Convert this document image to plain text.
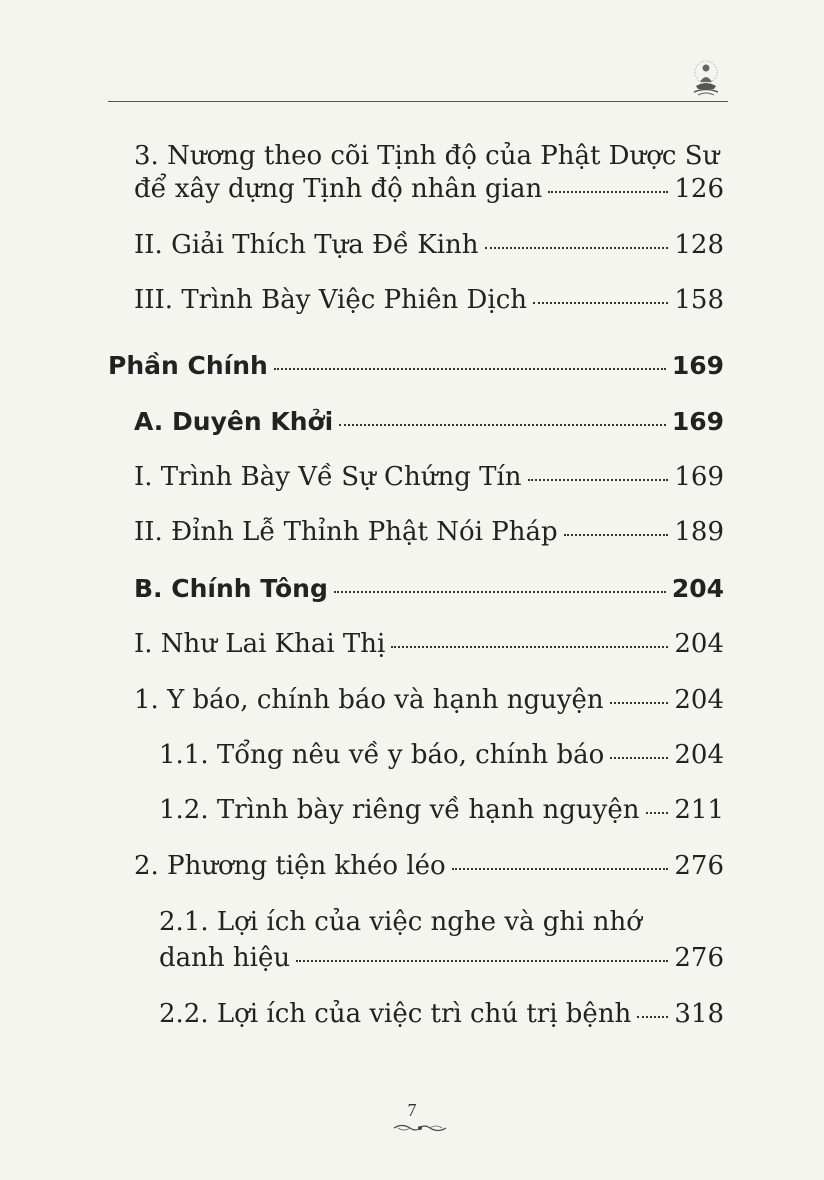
3. Nương theo cõi Tịnh độ của Phật Dược Sư
để xây dựng Tịnh độ nhân gian	126
II. Giải Thích Tựa Đề Kinh	128
III. Trình Bày Việc Phiên Dịch	158
Phần Chính	169
A. Duyên Khởi	169
I. Trình Bày Về Sự Chứng Tín	169
II. Đỉnh Lễ Thỉnh Phật Nói Pháp	189
B. Chính Tông	204
I. Như Lai Khai Thị	204
1. Y báo, chính báo và hạnh nguyện	204
1.1. Tổng nêu về y báo, chính báo	204
1.2. Trình bày riêng về hạnh nguyện 211
2. Phương tiện khéo léo	276
2.1. Lợi ích của việc nghe và ghi nhớ
danh hiệu	276
2.2. Lợi ích của việc trì chú trị bệnh 318
7
